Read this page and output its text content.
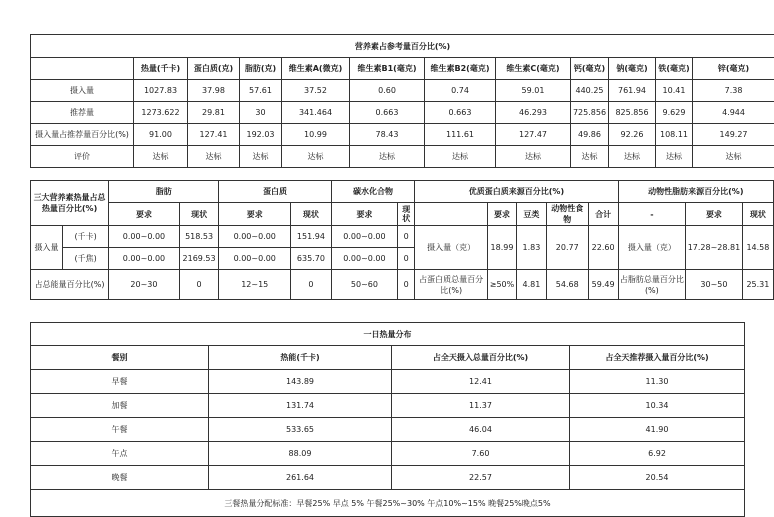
营养素占参考量百分比(%)											
	热量(千卡)	蛋白质(克)	脂肪(克)	维生素A(微克)	维生素B1(毫克)	维生素B2(毫克)	维生素C(毫克)	钙(毫克)	钠(毫克)	铁(毫克)	锌(毫克)
摄入量	1027.83	37.98	57.61	37.52	0.60	0.74	59.01	440.25	761.94	10.41	7.38
推荐量	1273.622	29.81	30	341.464	0.663	0.663	46.293	725.856	825.856	9.629	4.944
摄入量占推荐量百分比(%)	91.00	127.41	192.03	10.99	78.43	111.61	127.47	49.86	92.26	108.11	149.27
评价	达标	达标	达标	达标	达标	达标	达标	达标	达标	达标	达标
三大营养素热量占总热量百分比(%)		脂肪		蛋白质		碳水化合物		优质蛋白质来源百分比(%)					动物性脂肪来源百分比(%)		
		要求	现状	要求	现状	要求	现状		要求	豆类	动物性食物	合计	-	要求	现状
摄入量	(千卡)	0.00~0.00	518.53	0.00~0.00	151.94	0.00~0.00	0	摄入量（克）	18.99	1.83	20.77	22.60	摄入量（克）	17.28~28.81	14.58
	(千焦)	0.00~0.00	2169.53	0.00~0.00	635.70	0.00~0.00	0								
占总能量百分比(%)		20~30	0	12~15	0	50~60	0	占蛋白质总量百分比(%)	≥50%	4.81	54.68	59.49	占脂肪总量百分比(%)	30~50	25.31
一日热量分布			
餐别	热能(千卡)	占全天摄入总量百分比(%)	占全天推荐摄入量百分比(%)
早餐	143.89	12.41	11.30
加餐	131.74	11.37	10.34
午餐	533.65	46.04	41.90
午点	88.09	7.60	6.92
晚餐	261.64	22.57	20.54
三餐热量分配标准：早餐25% 早点 5% 午餐25%~30% 午点10%~15% 晚餐25%晚点5%			
